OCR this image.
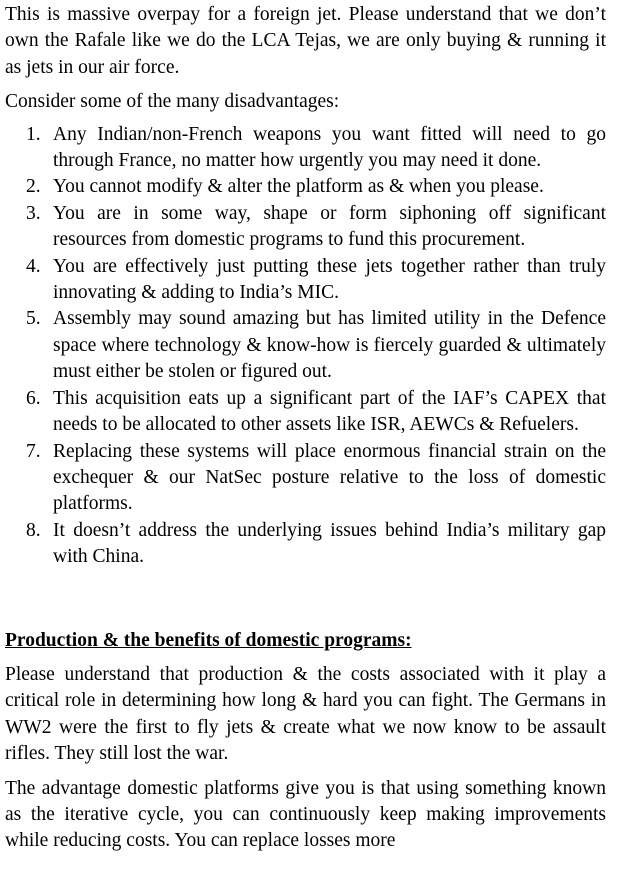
This is massive overpay for a foreign jet. Please understand that we don’t own the Rafale like we do the LCA Tejas, we are only buying & running it as jets in our air force.

Consider some of the many disadvantages:

1. Any Indian/non-French weapons you want fitted will need to go through France, no matter how urgently you may need it done.
2. You cannot modify & alter the platform as & when you please.
3. You are in some way, shape or form siphoning off significant resources from domestic programs to fund this procurement.
4. You are effectively just putting these jets together rather than truly innovating & adding to India’s MIC.
5. Assembly may sound amazing but has limited utility in the Defence space where technology & know-how is fiercely guarded & ultimately must either be stolen or figured out.
6. This acquisition eats up a significant part of the IAF’s CAPEX that needs to be allocated to other assets like ISR, AEWCs & Refuelers.
7. Replacing these systems will place enormous financial strain on the exchequer & our NatSec posture relative to the loss of domestic platforms.
8. It doesn’t address the underlying issues behind India’s military gap with China.

Production & the benefits of domestic programs:

Please understand that production & the costs associated with it play a critical role in determining how long & hard you can fight. The Germans in WW2 were the first to fly jets & create what we now know to be assault rifles. They still lost the war.

The advantage domestic platforms give you is that using something known as the iterative cycle, you can continuously keep making improvements while reducing costs. You can replace losses more
